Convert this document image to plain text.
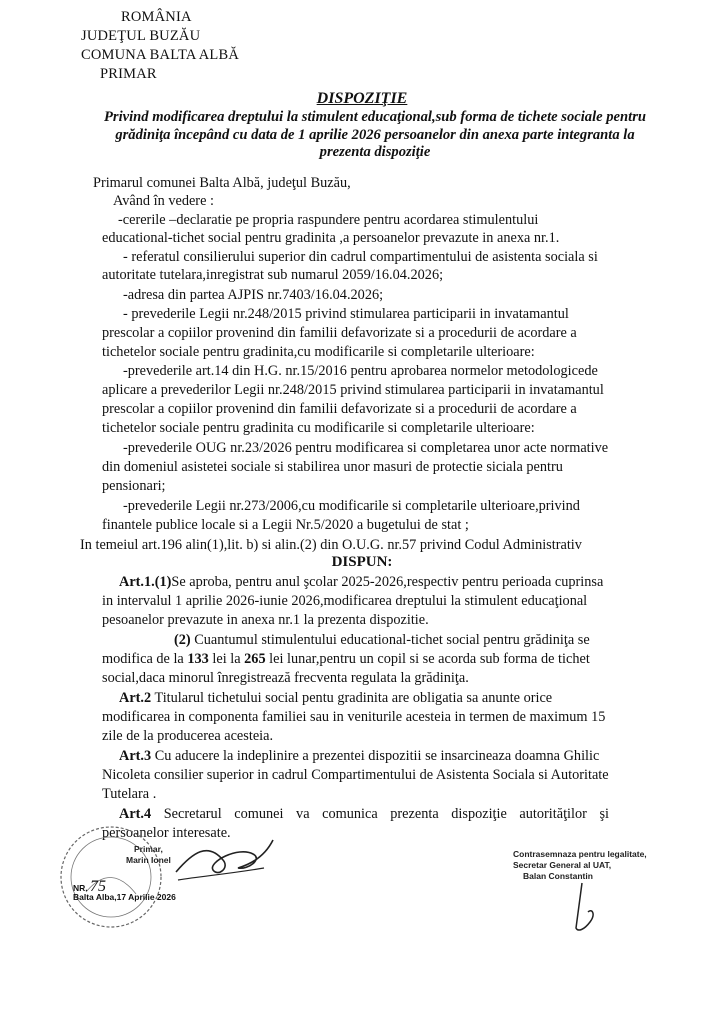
ROMÂNIA
JUDEŢUL BUZĂU
COMUNA BALTA ALBĂ
PRIMAR
DISPOZIŢIE
Privind modificarea dreptului la stimulent educaţional,sub forma de tichete sociale pentru grădiniţa începând cu data de 1 aprilie 2026 persoanelor din anexa parte integranta la prezenta dispoziţie
Primarul comunei Balta Albă, judeţul Buzău,
Având în vedere :
-cererile –declaratie pe propria raspundere pentru acordarea stimulentului
educational-tichet social pentru gradinita ,a persoanelor prevazute in anexa nr.1.
- referatul consilierului superior din cadrul compartimentului de asistenta sociala si
autoritate tutelara,inregistrat sub numarul 2059/16.04.2026;
-adresa din partea AJPIS nr.7403/16.04.2026;
- prevederile Legii nr.248/2015 privind stimularea participarii in invatamantul
prescolar a copiilor provenind din familii defavorizate si a procedurii de acordare a
tichetelor sociale pentru gradinita,cu modificarile si completarile ulterioare:
-prevederile art.14 din H.G. nr.15/2016 pentru aprobarea normelor metodologicede
aplicare a prevederilor Legii nr.248/2015 privind stimularea participarii in invatamantul
prescolar a copiilor provenind din familii defavorizate si a procedurii de acordare a
tichetelor sociale pentru gradinita cu modificarile si completarile ulterioare:
-prevederile OUG nr.23/2026 pentru modificarea si completarea unor acte normative
din domeniul asistetei sociale si stabilirea unor masuri de protectie siciala pentru
pensionari;
-prevederile Legii nr.273/2006,cu modificarile si completarile ulterioare,privind
finantele publice locale si a Legii Nr.5/2020 a bugetului de stat ;
In temeiul art.196 alin(1),lit. b) si alin.(2) din O.U.G. nr.57 privind Codul Administrativ
DISPUN:
Art.1.(1)Se aproba, pentru anul şcolar 2025-2026,respectiv pentru perioada cuprinsa
in intervalul 1 aprilie 2026-iunie 2026,modificarea dreptului la stimulent educaţional
pesoanelor prevazute in anexa nr.1 la prezenta dispozitie.
(2) Cuantumul stimulentului educational-tichet social pentru grădiniţa se
modifica de la 133 lei la 265 lei lunar,pentru un copil si se acorda sub forma de tichet
social,daca minorul înregistrează frecventa regulata la grădiniţa.
Art.2 Titularul tichetului social pentu gradinita are obligatia sa anunte orice
modificarea in componenta familiei sau in veniturile acesteia in termen de maximum 15
zile de la producerea acesteia.
Art.3 Cu aducere la indeplinire a prezentei dispozitii se insarcineaza doamna Ghilic
Nicoleta consilier superior in cadrul Compartimentului de Asistenta Sociala si Autoritate
Tutelara .
Art.4 Secretarul comunei va comunica prezenta dispoziţie autorităţilor şi
persoanelor interesate.
Primar,
Marin Ionel
NR. 75
Balta Alba,17 Aprilie 2026
Contrasemnaza pentru legalitate,
Secretar General al UAT,
Balan Constantin
